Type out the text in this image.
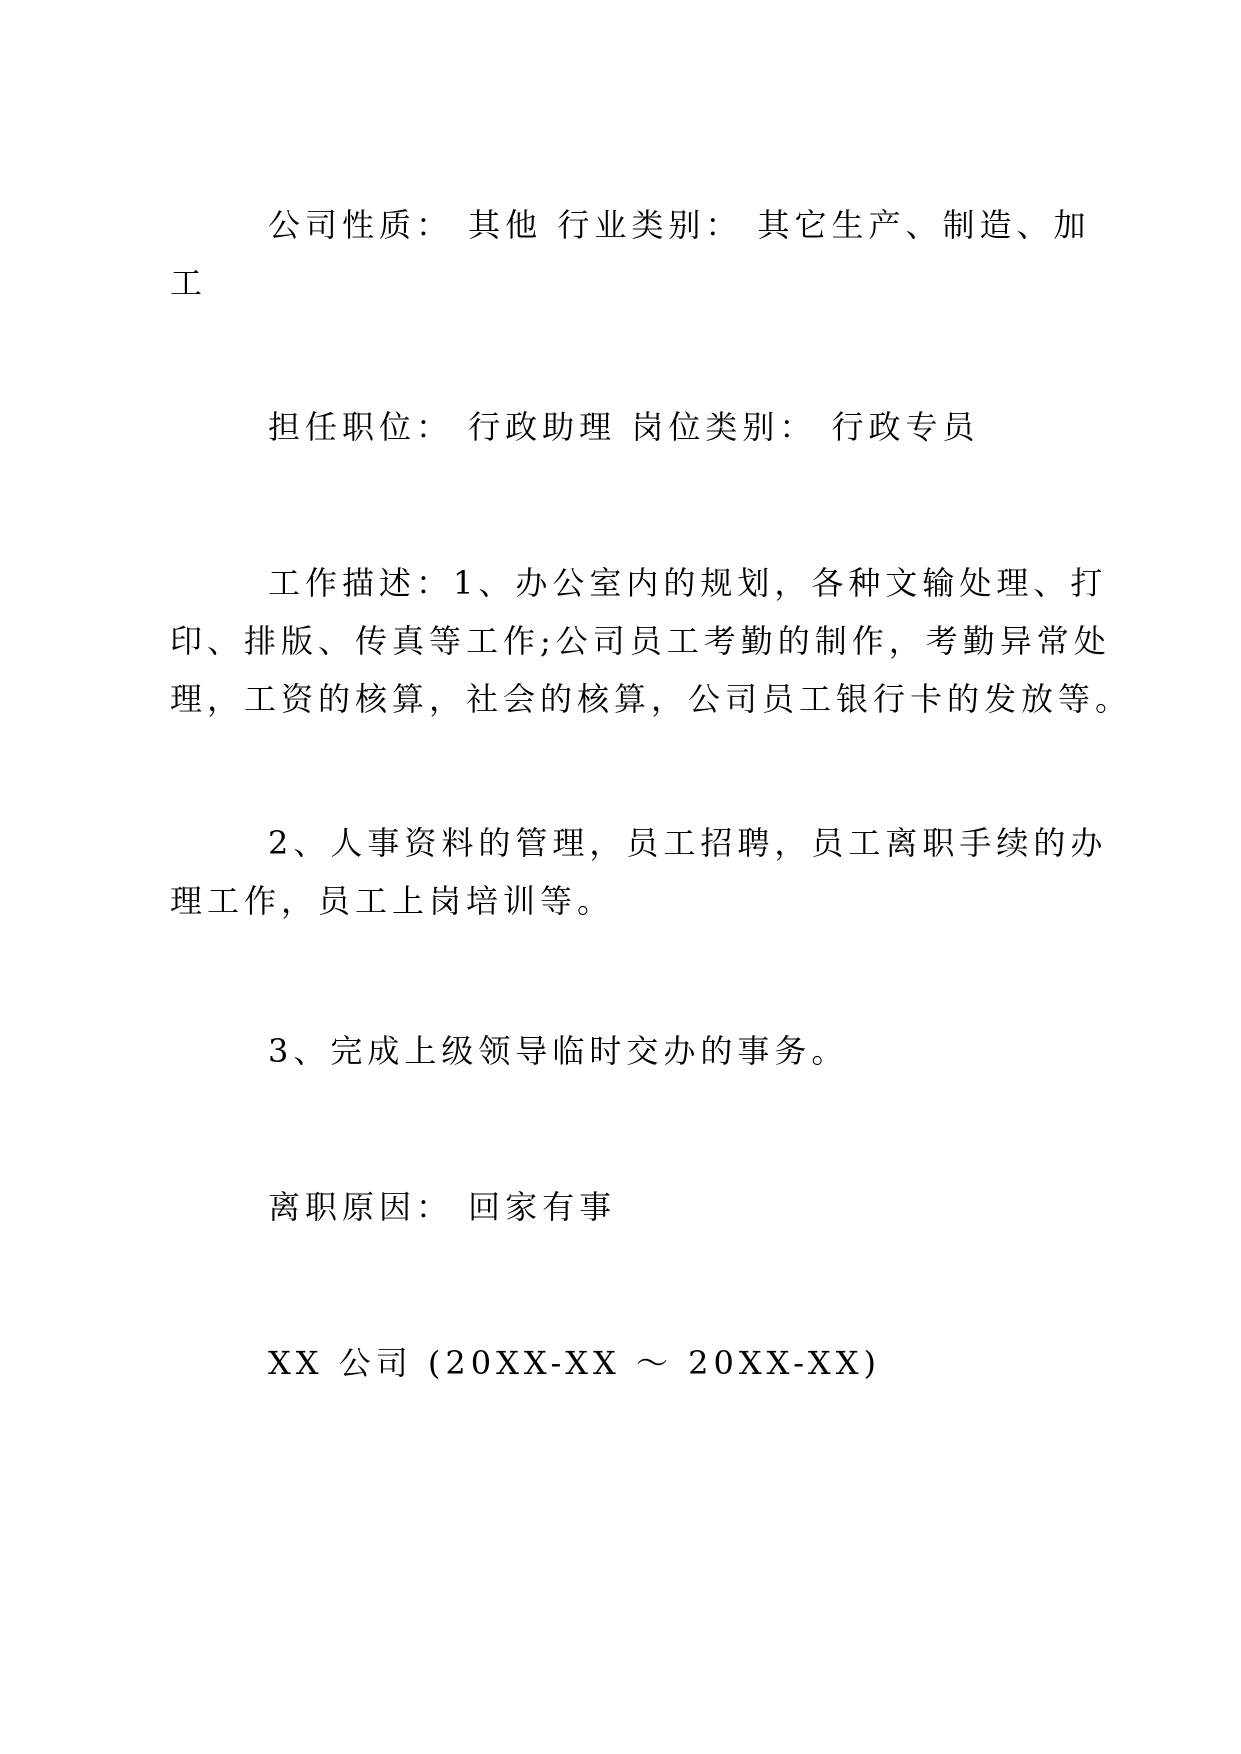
公司性质： 其他 行业类别： 其它生产、制造、加
工
担任职位： 行政助理 岗位类别： 行政专员
工作描述：1、办公室内的规划，各种文输处理、打
印、排版、传真等工作;公司员工考勤的制作，考勤异常处
理，工资的核算，社会的核算，公司员工银行卡的发放等。
2、人事资料的管理，员工招聘，员工离职手续的办
理工作，员工上岗培训等。
3、完成上级领导临时交办的事务。
离职原因： 回家有事
XX 公司 (20XX-XX ～ 20XX-XX)
